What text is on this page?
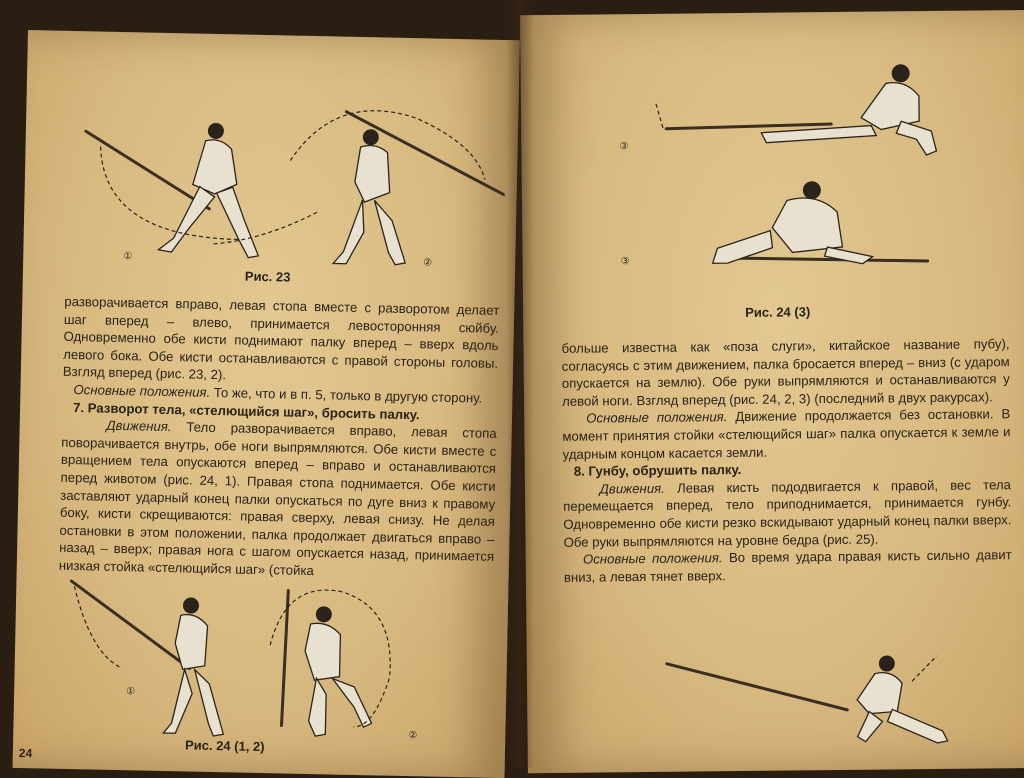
①
②
Рис. 23

разворачивается вправо, левая стопа вместе с разворотом делает шаг вперед – влево, принимается левосторонняя сюйбу. Одновременно обе кисти поднимают палку вперед – вверх вдоль левого бока. Обе кисти останавливаются с правой стороны головы. Взгляд вперед (рис. 23, 2).

Основные положения. То же, что и в п. 5, только в другую сторону.

7. Разворот тела, «стелющийся шаг», бросить палку.

Движения. Тело разворачивается вправо, левая стопа поворачивается внутрь, обе ноги выпрямляются. Обе кисти вместе с вращением тела опускаются вперед – вправо и останавливаются перед животом (рис. 24, 1). Правая стопа поднимается. Обе кисти заставляют ударный конец палки опускаться по дуге вниз к правому боку, кисти скрещиваются: правая сверху, левая снизу. Не делая остановки в этом положении, палка продолжает двигаться вправо – назад – вверх; правая нога с шагом опускается назад, принимается низкая стойка «стелющийся шаг» (стойка

①
②
Рис. 24 (1, 2)
24
③
③
Рис. 24 (3)

больше известна как «поза слуги», китайское название пубу), согласуясь с этим движением, палка бросается вперед – вниз (с ударом опускается на землю). Обе руки выпрямляются и останавливаются у левой ноги. Взгляд вперед (рис. 24, 2, 3) (последний в двух ракурсах).

Основные положения. Движение продолжается без остановки. В момент принятия стойки «стелющийся шаг» палка опускается к земле и ударным концом касается земли.

8. Гунбу, обрушить палку.

Движения. Левая кисть пододвигается к правой, вес тела перемещается вперед, тело приподнимается, принимается гунбу. Одновременно обе кисти резко вскидывают ударный конец палки вверх. Обе руки выпрямляются на уровне бедра (рис. 25).

Основные положения. Во время удара правая кисть сильно давит вниз, а левая тянет вверх.
